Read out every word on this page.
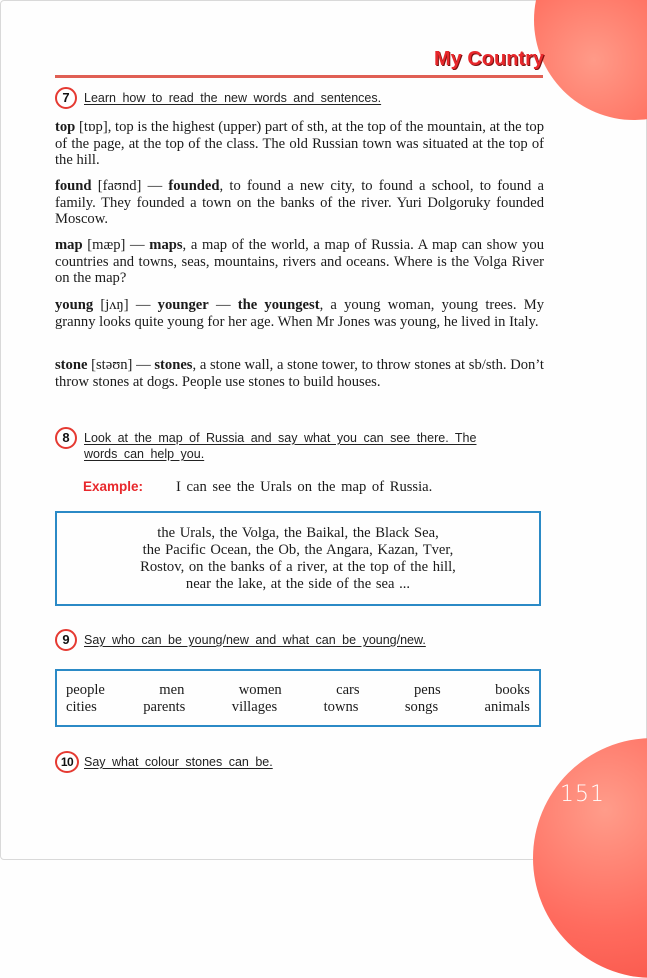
151
My Country
7	Learn how to read the new words and sentences.

top [tɒp], top is the highest (upper) part of sth, at the top of the mountain, at the top of the page, at the top of the class. The old Russian town was situated at the top of the hill.

found [faʊnd] — founded, to found a new city, to found a school, to found a family. They founded a town on the banks of the river. Yuri Dolgoruky founded Moscow.

map [mæp] — maps, a map of the world, a map of Russia. A map can show you countries and towns, seas, mountains, rivers and oceans. Where is the Volga River on the map?

young [jʌŋ] — younger — the youngest, a young woman, young trees. My granny looks quite young for her age. When Mr Jones was young, he lived in Italy.

stone [stəʊn] — stones, a stone wall, a stone tower, to throw stones at sb/sth. Don’t throw stones at dogs. People use stones to build houses.

8	Look at the map of Russia and say what you can see there. The
words can help you.
Example: I can see the Urals on the map of Russia.
the Urals, the Volga, the Baikal, the Black Sea,
the Pacific Ocean, the Ob, the Angara, Kazan, Tver,
Rostov, on the banks of a river, at the top of the hill,
near the lake, at the side of the sea ...
9	Say who can be young/new and what can be young/new.
people	men	women	cars	pens	books
cities	parents	villages	towns	songs	animals
10 Say what colour stones can be.
